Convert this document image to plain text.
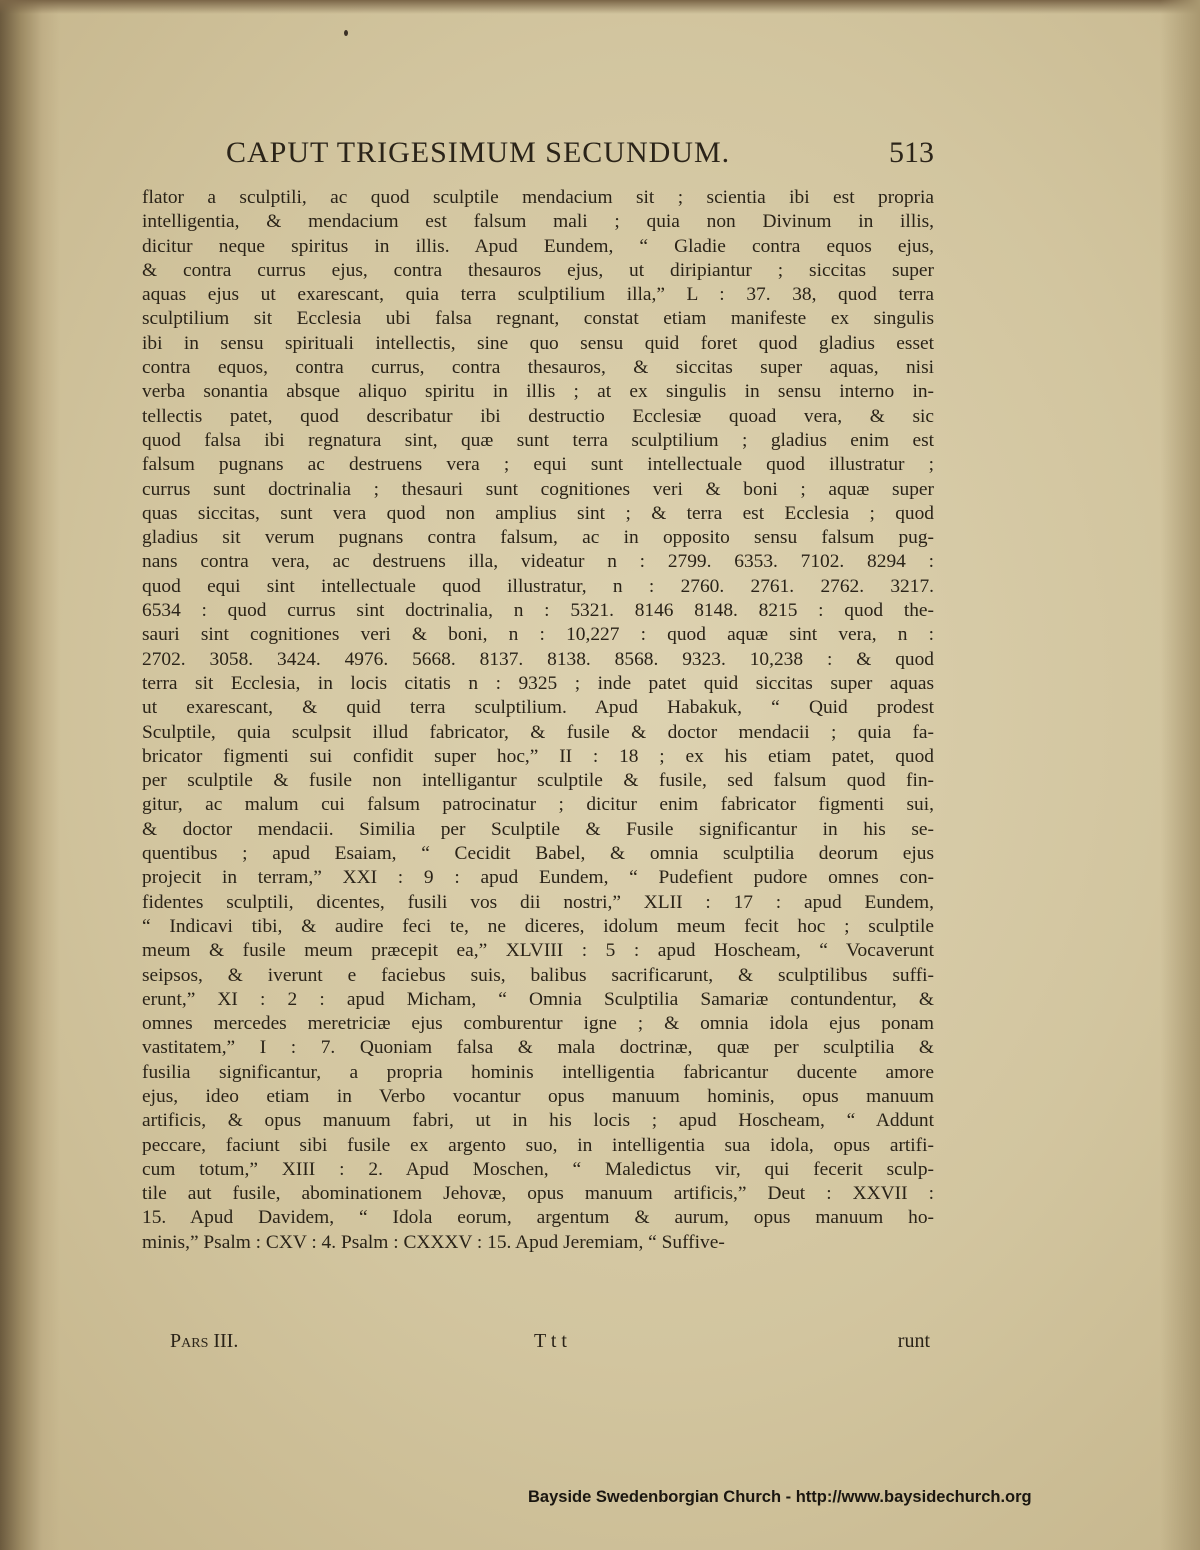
CAPUT TRIGESIMUM SECUNDUM.	513
flator a sculptili, ac quod sculptile mendacium sit ; scientia ibi est propria
intelligentia, & mendacium est falsum mali ; quia non Divinum in illis,
dicitur neque spiritus in illis. Apud Eundem, “ Gladie contra equos ejus,
& contra currus ejus, contra thesauros ejus, ut diripiantur ; siccitas super
aquas ejus ut exarescant, quia terra sculptilium illa,” L : 37. 38, quod terra
sculptilium sit Ecclesia ubi falsa regnant, constat etiam manifeste ex singulis
ibi in sensu spirituali intellectis, sine quo sensu quid foret quod gladius esset
contra equos, contra currus, contra thesauros, & siccitas super aquas, nisi
verba sonantia absque aliquo spiritu in illis ; at ex singulis in sensu interno in-
tellectis patet, quod describatur ibi destructio Ecclesiæ quoad vera, & sic
quod falsa ibi regnatura sint, quæ sunt terra sculptilium ; gladius enim est
falsum pugnans ac destruens vera ; equi sunt intellectuale quod illustratur ;
currus sunt doctrinalia ; thesauri sunt cognitiones veri & boni ; aquæ super
quas siccitas, sunt vera quod non amplius sint ; & terra est Ecclesia ; quod
gladius sit verum pugnans contra falsum, ac in opposito sensu falsum pug-
nans contra vera, ac destruens illa, videatur n : 2799. 6353. 7102. 8294 :
quod equi sint intellectuale quod illustratur, n : 2760. 2761. 2762. 3217.
6534 : quod currus sint doctrinalia, n : 5321. 8146 8148. 8215 : quod the-
sauri sint cognitiones veri & boni, n : 10,227 : quod aquæ sint vera, n :
2702. 3058. 3424. 4976. 5668. 8137. 8138. 8568. 9323. 10,238 : & quod
terra sit Ecclesia, in locis citatis n : 9325 ; inde patet quid siccitas super aquas
ut exarescant, & quid terra sculptilium. Apud Habakuk, “ Quid prodest
Sculptile, quia sculpsit illud fabricator, & fusile & doctor mendacii ; quia fa-
bricator figmenti sui confidit super hoc,” II : 18 ; ex his etiam patet, quod
per sculptile & fusile non intelligantur sculptile & fusile, sed falsum quod fin-
gitur, ac malum cui falsum patrocinatur ; dicitur enim fabricator figmenti sui,
& doctor mendacii. Similia per Sculptile & Fusile significantur in his se-
quentibus ; apud Esaiam, “ Cecidit Babel, & omnia sculptilia deorum ejus
projecit in terram,” XXI : 9 : apud Eundem, “ Pudefient pudore omnes con-
fidentes sculptili, dicentes, fusili vos dii nostri,” XLII : 17 : apud Eundem,
“ Indicavi tibi, & audire feci te, ne diceres, idolum meum fecit hoc ; sculptile
meum & fusile meum præcepit ea,” XLVIII : 5 : apud Hoscheam, “ Vocaverunt
seipsos, & iverunt e faciebus suis, balibus sacrificarunt, & sculptilibus suffi-
erunt,” XI : 2 : apud Micham, “ Omnia Sculptilia Samariæ contundentur, &
omnes mercedes meretriciæ ejus comburentur igne ; & omnia idola ejus ponam
vastitatem,” I : 7. Quoniam falsa & mala doctrinæ, quæ per sculptilia &
fusilia significantur, a propria hominis intelligentia fabricantur ducente amore
ejus, ideo etiam in Verbo vocantur opus manuum hominis, opus manuum
artificis, & opus manuum fabri, ut in his locis ; apud Hoscheam, “ Addunt
peccare, faciunt sibi fusile ex argento suo, in intelligentia sua idola, opus artifi-
cum totum,” XIII : 2. Apud Moschen, “ Maledictus vir, qui fecerit sculp-
tile aut fusile, abominationem Jehovæ, opus manuum artificis,” Deut : XXVII :
15. Apud Davidem, “ Idola eorum, argentum & aurum, opus manuum ho-
minis,” Psalm : CXV : 4. Psalm : CXXXV : 15. Apud Jeremiam, “ Suffive-
Pars III.	T t t	runt
Bayside Swedenborgian Church - http://www.baysidechurch.org
